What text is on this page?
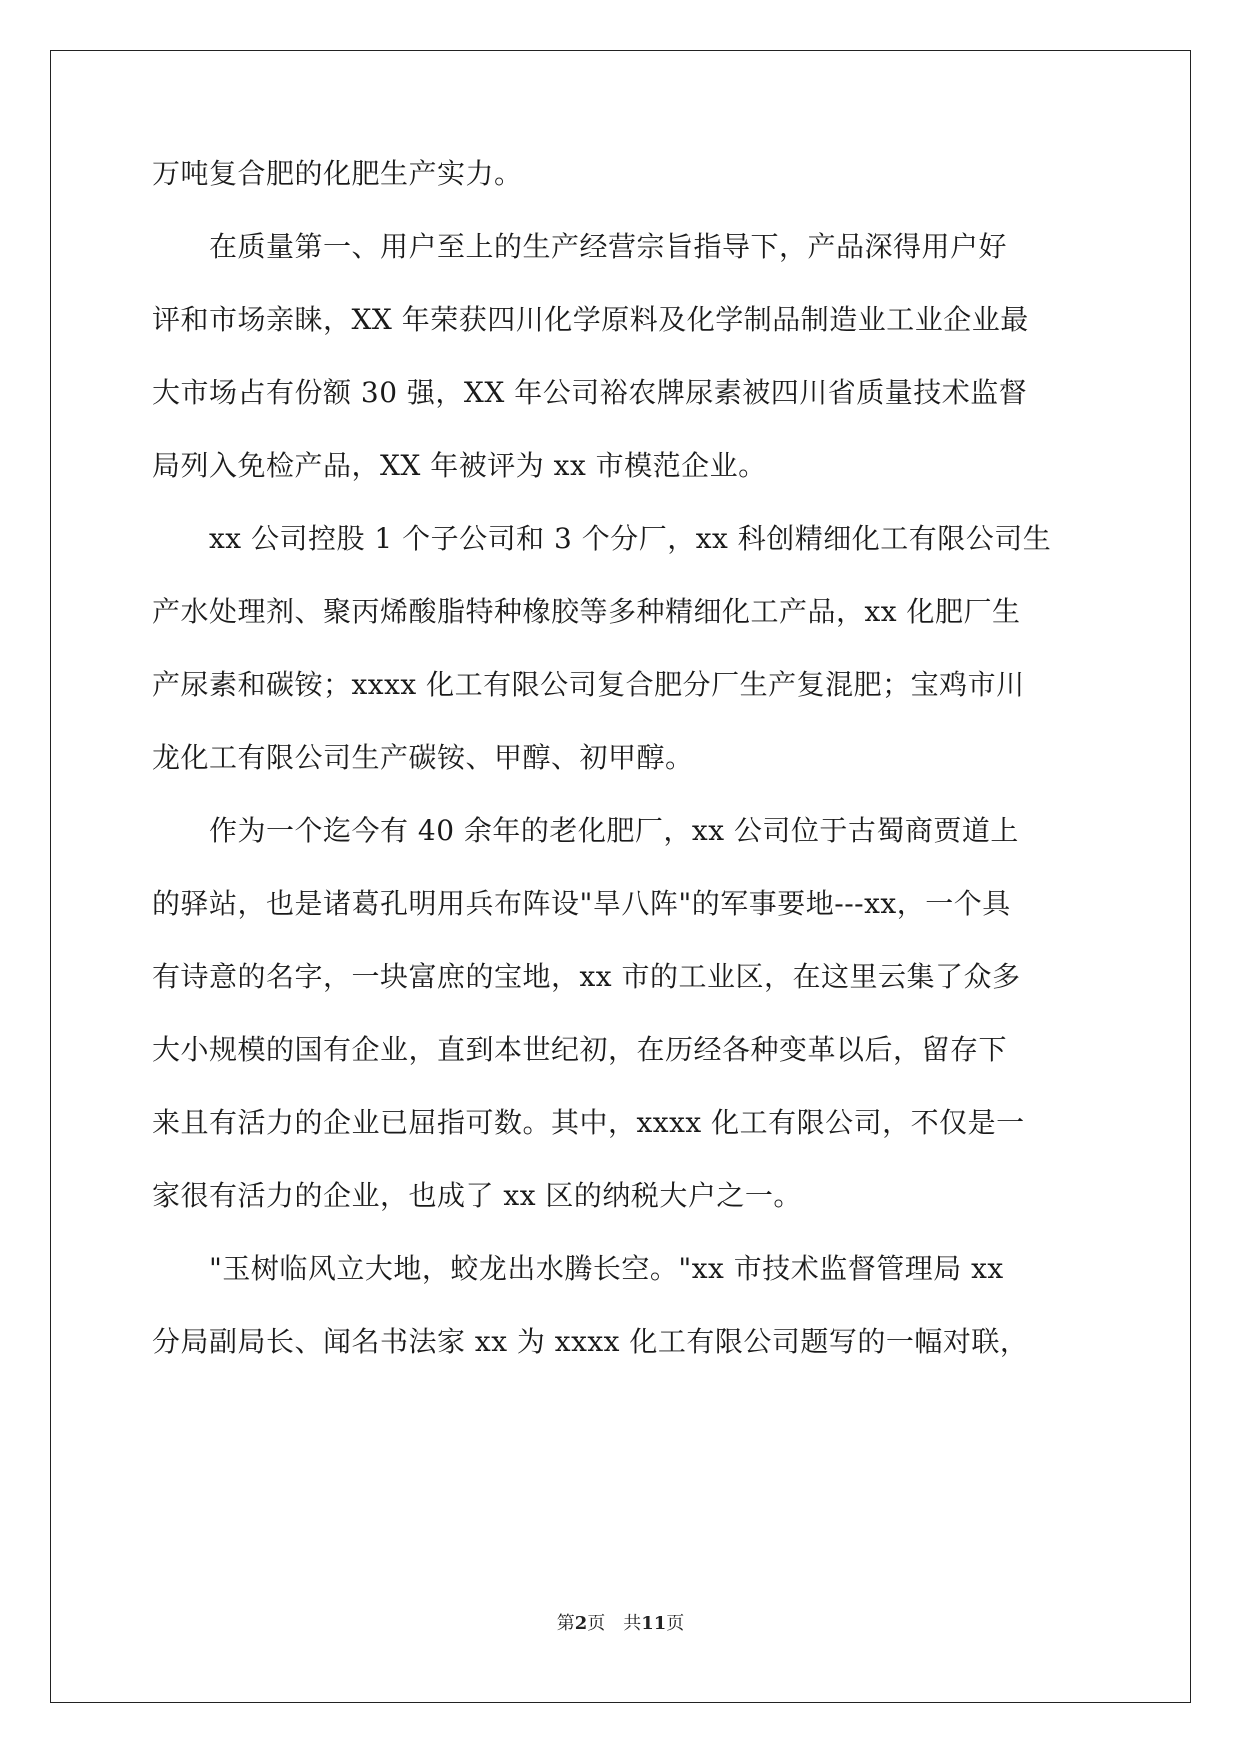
万吨复合肥的化肥生产实力。
在质量第一、用户至上的生产经营宗旨指导下，产品深得用户好
评和市场亲睐，XX 年荣获四川化学原料及化学制品制造业工业企业最
大市场占有份额 30 强，XX 年公司裕农牌尿素被四川省质量技术监督
局列入免检产品，XX 年被评为 xx 市模范企业。
xx 公司控股 1 个子公司和 3 个分厂，xx 科创精细化工有限公司生
产水处理剂、聚丙烯酸脂特种橡胶等多种精细化工产品，xx 化肥厂生
产尿素和碳铵；xxxx 化工有限公司复合肥分厂生产复混肥；宝鸡市川
龙化工有限公司生产碳铵、甲醇、初甲醇。
作为一个迄今有 40 余年的老化肥厂，xx 公司位于古蜀商贾道上
的驿站，也是诸葛孔明用兵布阵设"旱八阵"的军事要地---xx，一个具
有诗意的名字，一块富庶的宝地，xx 市的工业区，在这里云集了众多
大小规模的国有企业，直到本世纪初，在历经各种变革以后，留存下
来且有活力的企业已屈指可数。其中，xxxx 化工有限公司，不仅是一
家很有活力的企业，也成了 xx 区的纳税大户之一。
"玉树临风立大地，蛟龙出水腾长空。"xx 市技术监督管理局 xx
分局副局长、闻名书法家 xx 为 xxxx 化工有限公司题写的一幅对联，
第2页 共11页
